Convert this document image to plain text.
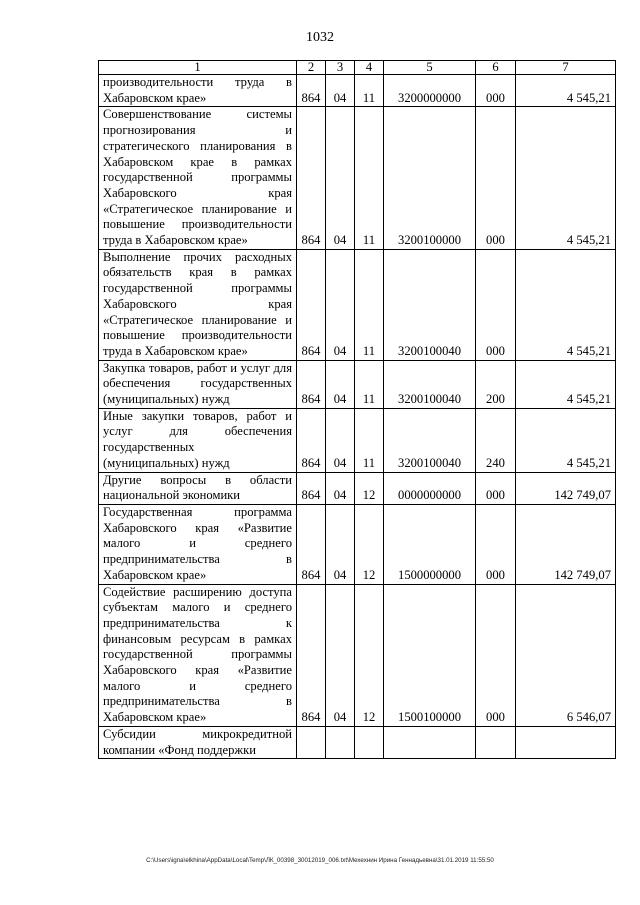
1032
1	2	3	4	5	6	7
производительности труда в Хабаровском крае»	864	04	11	3200000000	000	4 545,21
Совершенствование системы прогнозирования и стратегического планирования в Хабаровском крае в рамках государственной программы Хабаровского края «Стратегическое планирование и повышение производительности труда в Хабаровском крае»	864	04	11	3200100000	000	4 545,21
Выполнение прочих расходных обязательств края в рамках государственной программы Хабаровского края «Стратегическое планирование и повышение производительности труда в Хабаровском крае»	864	04	11	3200100040	000	4 545,21
Закупка товаров, работ и услуг для обеспечения государственных (муниципальных) нужд	864	04	11	3200100040	200	4 545,21
Иные закупки товаров, работ и услуг для обеспечения государственных (муниципальных) нужд	864	04	11	3200100040	240	4 545,21
Другие вопросы в области национальной экономики	864	04	12	0000000000	000	142 749,07
Государственная программа Хабаровского края «Развитие малого и среднего предпринимательства в Хабаровском крае»	864	04	12	1500000000	000	142 749,07
Содействие расширению доступа субъектам малого и среднего предпринимательства к финансовым ресурсам в рамках государственной программы Хабаровского края «Развитие малого и среднего предпринимательства в Хабаровском крае»	864	04	12	1500100000	000	6 546,07
Субсидии микрокредитной компании «Фонд поддержки						
C:\Users\igna\elkhina\AppData\Local\Temp\ЛК_00398_30012019_006.txt\Мехехнин Ирина Геннадьевна\31.01.2019 11:55:50
